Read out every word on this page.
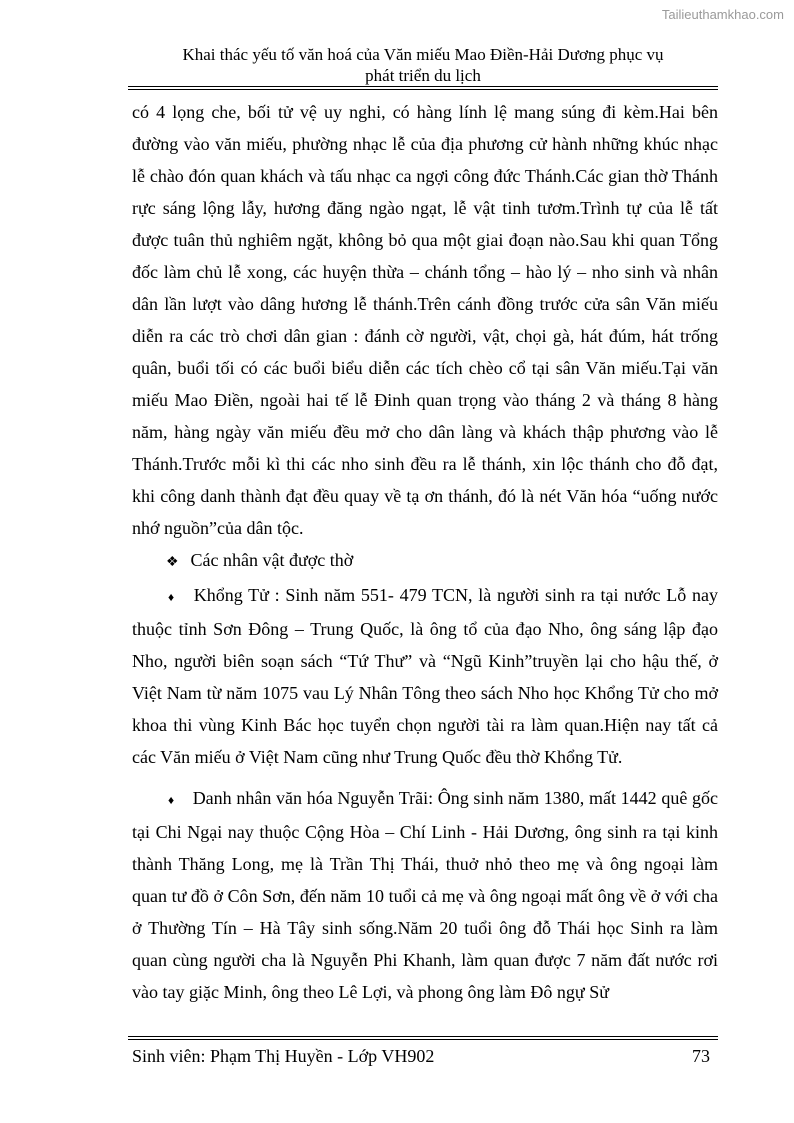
Tailieuthamkhao.com
Khai thác yếu tố văn hoá của Văn miếu Mao Điền-Hải Dương phục vụ
phát triển du lịch

có 4 lọng che, bối tử vệ uy nghi, có hàng lính lệ mang súng đi kèm.Hai bên đường vào văn miếu, phường nhạc lễ của địa phương cử hành những khúc nhạc lễ chào đón quan khách và tấu nhạc ca ngợi công đức Thánh.Các gian thờ Thánh rực sáng lộng lẫy, hương đăng ngào ngạt, lễ vật tinh tươm.Trình tự của lễ tất được tuân thủ nghiêm ngặt, không bỏ qua một giai đoạn nào.Sau khi quan Tổng đốc làm chủ lễ xong, các huyện thừa – chánh tổng – hào lý – nho sinh và nhân dân lần lượt vào dâng hương lễ thánh.Trên cánh đồng trước cửa sân Văn miếu diễn ra các trò chơi dân gian : đánh cờ người, vật, chọi gà, hát đúm, hát trống quân, buổi tối có các buổi biểu diễn các tích chèo cổ tại sân Văn miếu.Tại văn miếu Mao Điền, ngoài hai tế lễ Đinh quan trọng vào tháng 2 và tháng 8 hàng năm, hàng ngày văn miếu đều mở cho dân làng và khách thập phương vào lễ Thánh.Trước mỗi kì thi các nho sinh đều ra lễ thánh, xin lộc thánh cho đỗ đạt, khi công danh thành đạt đều quay về tạ ơn thánh, đó là nét Văn hóa “uống nước nhớ nguồn”của dân tộc.

❖ Các nhân vật được thờ

♦ Khổng Tử : Sinh năm 551- 479 TCN, là người sinh ra tại nước Lỗ nay thuộc tỉnh Sơn Đông – Trung Quốc, là ông tổ của đạo Nho, ông sáng lập đạo Nho, người biên soạn sách “Tứ Thư” và “Ngũ Kinh”truyền lại cho hậu thế, ở Việt Nam từ năm 1075 vau Lý Nhân Tông theo sách Nho học Khổng Tử cho mở khoa thi vùng Kinh Bác học tuyển chọn người tài ra làm quan.Hiện nay tất cả các Văn miếu ở Việt Nam cũng như Trung Quốc đều thờ Khổng Tử.

♦ Danh nhân văn hóa Nguyễn Trãi: Ông sinh năm 1380, mất 1442 quê gốc tại Chi Ngại nay thuộc Cộng Hòa – Chí Linh - Hải Dương, ông sinh ra tại kinh thành Thăng Long, mẹ là Trần Thị Thái, thuở nhỏ theo mẹ và ông ngoại làm quan tư đồ ở Côn Sơn, đến năm 10 tuổi cả mẹ và ông ngoại mất ông về ở với cha ở Thường Tín – Hà Tây sinh sống.Năm 20 tuổi ông đỗ Thái học Sinh ra làm quan cùng người cha là Nguyễn Phi Khanh, làm quan được 7 năm đất nước rơi vào tay giặc Minh, ông theo Lê Lợi, và phong ông làm Đô ngự Sử

Sinh viên: Phạm Thị Huyền - Lớp VH902	73
